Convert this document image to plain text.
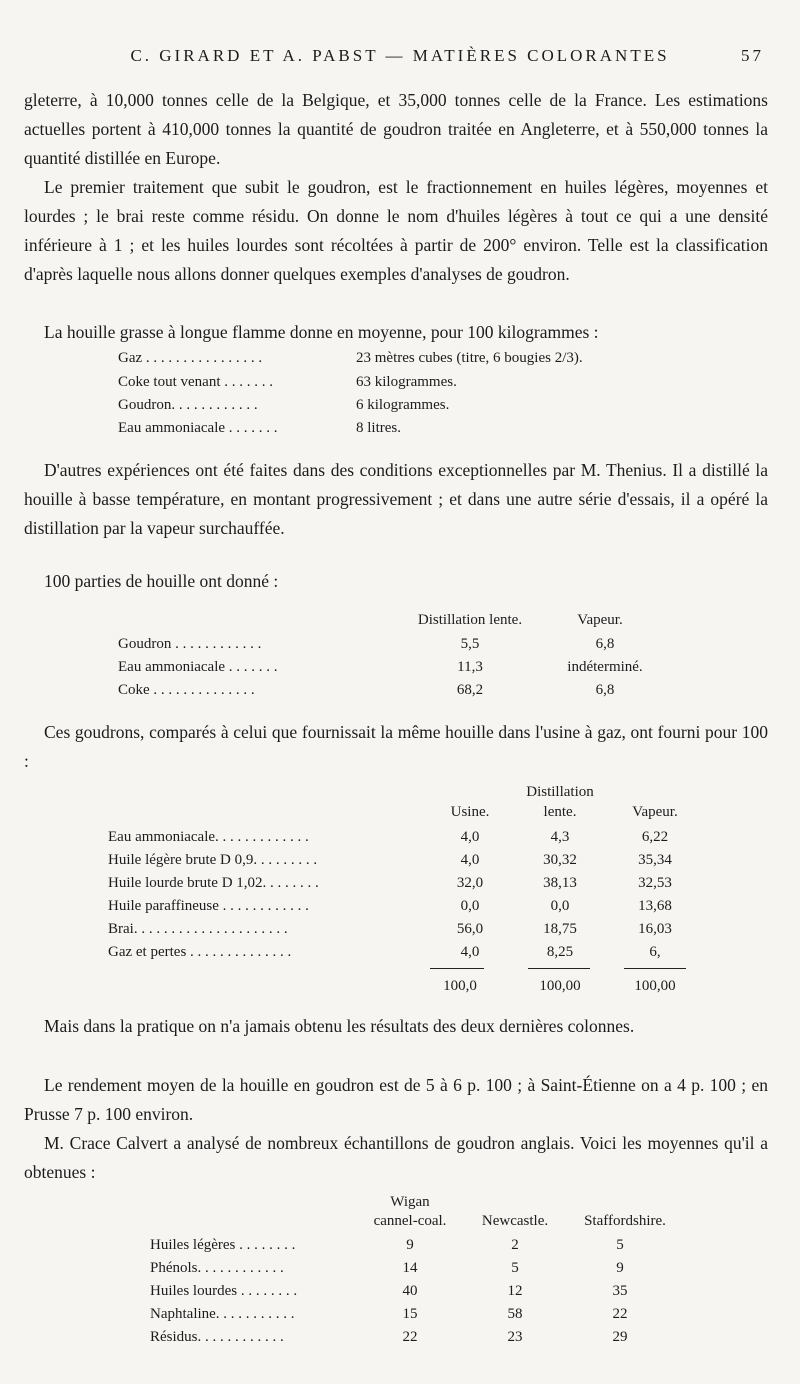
C. GIRARD ET A. PABST — MATIÈRES COLORANTES	57
gleterre, à 10,000 tonnes celle de la Belgique, et 35,000 tonnes celle de la France. Les estimations actuelles portent à 410,000 tonnes la quantité de goudron traitée en Angleterre, et à 550,000 tonnes la quantité distillée en Europe.
Le premier traitement que subit le goudron, est le fractionnement en huiles légères, moyennes et lourdes ; le brai reste comme résidu. On donne le nom d'huiles légères à tout ce qui a une densité inférieure à 1 ; et les huiles lourdes sont récoltées à partir de 200° environ. Telle est la classification d'après laquelle nous allons donner quelques exemples d'analyses de goudron.
La houille grasse à longue flamme donne en moyenne, pour 100 kilogrammes :
Gaz . . . . . . . . . . . . . . . .	23 mètres cubes (titre, 6 bougies 2/3).
Coke tout venant . . . . . . .	63 kilogrammes.
Goudron. . . . . . . . . . . .	6 kilogrammes.
Eau ammoniacale . . . . . . .	8 litres.
D'autres expériences ont été faites dans des conditions exceptionnelles par M. Thenius. Il a distillé la houille à basse température, en montant progressivement ; et dans une autre série d'essais, il a opéré la distillation par la vapeur surchauffée.
100 parties de houille ont donné :
Distillation lente.	Vapeur.
Goudron . . . . . . . . . . . .	5,5	6,8
Eau ammoniacale . . . . . . .	11,3	indéterminé.
Coke . . . . . . . . . . . . . .	68,2	6,8
Ces goudrons, comparés à celui que fournissait la même houille dans l'usine à gaz, ont fourni pour 100 :
Distillation
Usine.	lente.	Vapeur.
Eau ammoniacale. . . . . . . . . . . . .	4,0	4,3	6,22
Huile légère brute D 0,9. . . . . . . . .	4,0	30,32	35,34
Huile lourde brute D 1,02. . . . . . . .	32,0	38,13	32,53
Huile paraffineuse . . . . . . . . . . . .	0,0	0,0	13,68
Brai. . . . . . . . . . . . . . . . . . . . .	56,0	18,75	16,03
Gaz et pertes . . . . . . . . . . . . . .	4,0	8,25	6,
100,0	100,00	100,00
Mais dans la pratique on n'a jamais obtenu les résultats des deux dernières colonnes.
Le rendement moyen de la houille en goudron est de 5 à 6 p. 100 ; à Saint-Étienne on a 4 p. 100 ; en Prusse 7 p. 100 environ.
M. Crace Calvert a analysé de nombreux échantillons de goudron anglais. Voici les moyennes qu'il a obtenues :
Wigan
cannel-coal.	Newcastle.	Staffordshire.
Huiles légères . . . . . . . .	9	2	5
Phénols. . . . . . . . . . . .	14	5	9
Huiles lourdes . . . . . . . .	40	12	35
Naphtaline. . . . . . . . . . .	15	58	22
Résidus. . . . . . . . . . . .	22	23	29
